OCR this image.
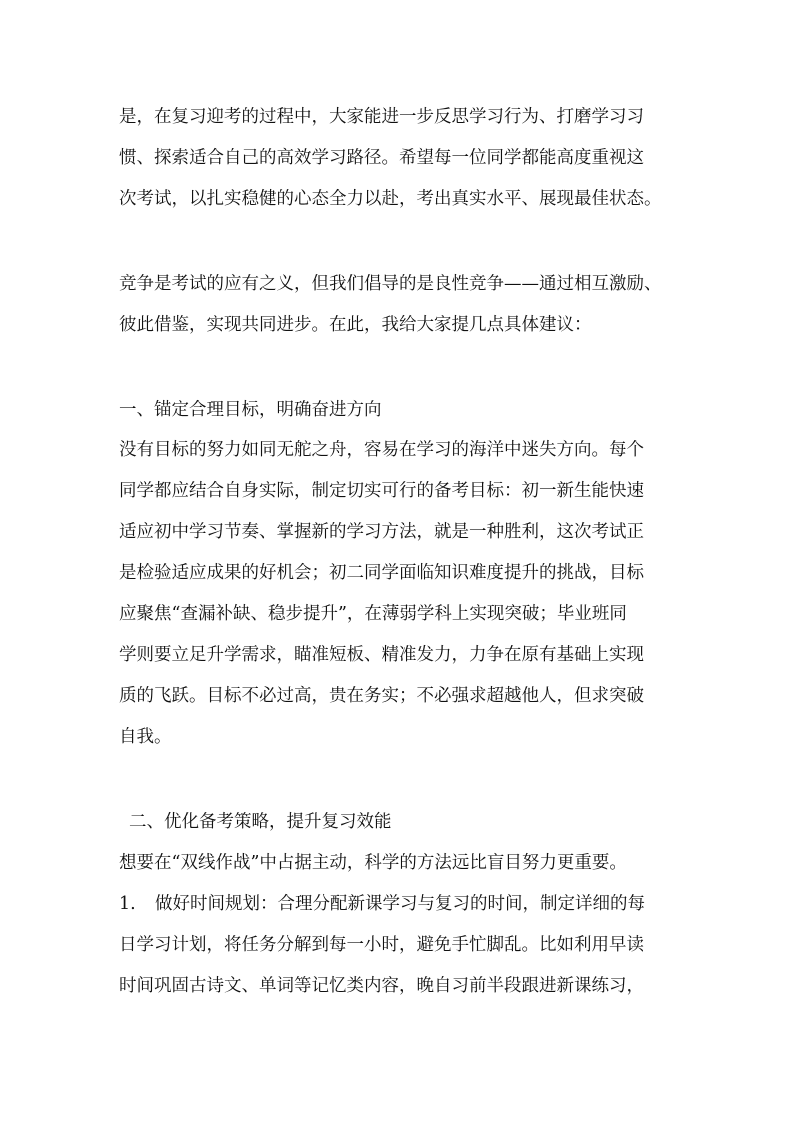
是，在复习迎考的过程中，大家能进一步反思学习行为、打磨学习习
惯、探索适合自己的高效学习路径。希望每一位同学都能高度重视这
次考试，以扎实稳健的心态全力以赴，考出真实水平、展现最佳状态。
竞争是考试的应有之义，但我们倡导的是良性竞争——通过相互激励、
彼此借鉴，实现共同进步。在此，我给大家提几点具体建议：
一、锚定合理目标，明确奋进方向
没有目标的努力如同无舵之舟，容易在学习的海洋中迷失方向。每个
同学都应结合自身实际，制定切实可行的备考目标：初一新生能快速
适应初中学习节奏、掌握新的学习方法，就是一种胜利，这次考试正
是检验适应成果的好机会；初二同学面临知识难度提升的挑战，目标
应聚焦“查漏补缺、稳步提升”，在薄弱学科上实现突破；毕业班同
学则要立足升学需求，瞄准短板、精准发力，力争在原有基础上实现
质的飞跃。目标不必过高，贵在务实；不必强求超越他人，但求突破
自我。
二、优化备考策略，提升复习效能
想要在“双线作战”中占据主动，科学的方法远比盲目努力更重要。
1. 做好时间规划：合理分配新课学习与复习的时间，制定详细的每
日学习计划，将任务分解到每一小时，避免手忙脚乱。比如利用早读
时间巩固古诗文、单词等记忆类内容，晚自习前半段跟进新课练习，
